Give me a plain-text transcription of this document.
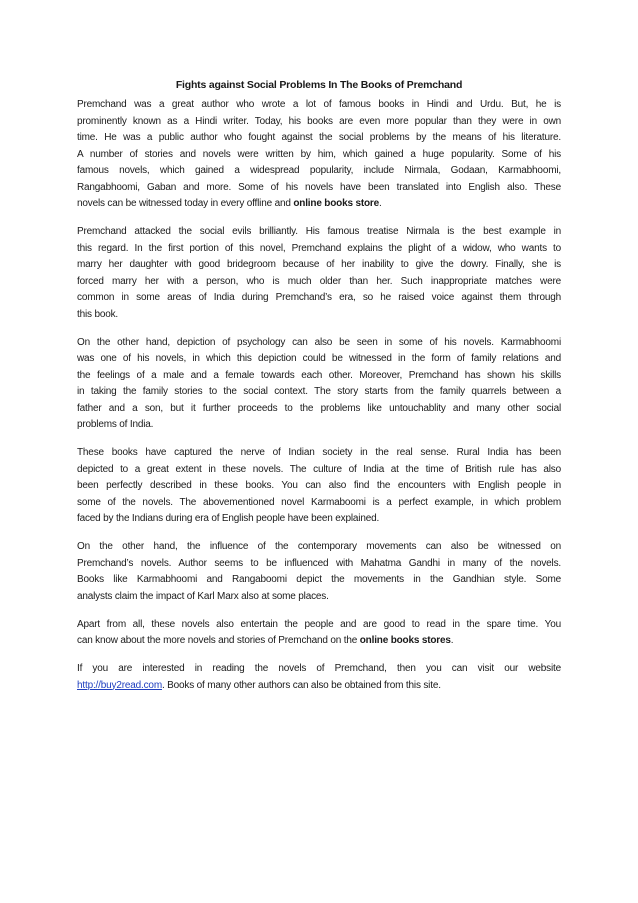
Fights against Social Problems In The Books of Premchand
Premchand was a great author who wrote a lot of famous books in Hindi and Urdu. But, he is
prominently known as a Hindi writer. Today, his books are even more popular than they were in own
time. He was a public author who fought against the social problems by the means of his literature.
A number of stories and novels were written by him, which gained a huge popularity. Some of his
famous novels, which gained a widespread popularity, include Nirmala, Godaan, Karmabhoomi,
Rangabhoomi, Gaban and more. Some of his novels have been translated into English also. These
novels can be witnessed today in every offline and online books store.
Premchand attacked the social evils brilliantly. His famous treatise Nirmala is the best example in
this regard. In the first portion of this novel, Premchand explains the plight of a widow, who wants to
marry her daughter with good bridegroom because of her inability to give the dowry. Finally, she is
forced marry her with a person, who is much older than her. Such inappropriate matches were
common in some areas of India during Premchand’s era, so he raised voice against them through
this book.
On the other hand, depiction of psychology can also be seen in some of his novels. Karmabhoomi
was one of his novels, in which this depiction could be witnessed in the form of family relations and
the feelings of a male and a female towards each other. Moreover, Premchand has shown his skills
in taking the family stories to the social context. The story starts from the family quarrels between a
father and a son, but it further proceeds to the problems like untouchablity and many other social
problems of India.
These books have captured the nerve of Indian society in the real sense. Rural India has been
depicted to a great extent in these novels. The culture of India at the time of British rule has also
been perfectly described in these books. You can also find the encounters with English people in
some of the novels. The abovementioned novel Karmaboomi is a perfect example, in which problem
faced by the Indians during era of English people have been explained.
On the other hand, the influence of the contemporary movements can also be witnessed on
Premchand’s novels. Author seems to be influenced with Mahatma Gandhi in many of the novels.
Books like Karmabhoomi and Rangaboomi depict the movements in the Gandhian style. Some
analysts claim the impact of Karl Marx also at some places.
Apart from all, these novels also entertain the people and are good to read in the spare time. You
can know about the more novels and stories of Premchand on the online books stores.
If you are interested in reading the novels of Premchand, then you can visit our website
http://buy2read.com. Books of many other authors can also be obtained from this site.
